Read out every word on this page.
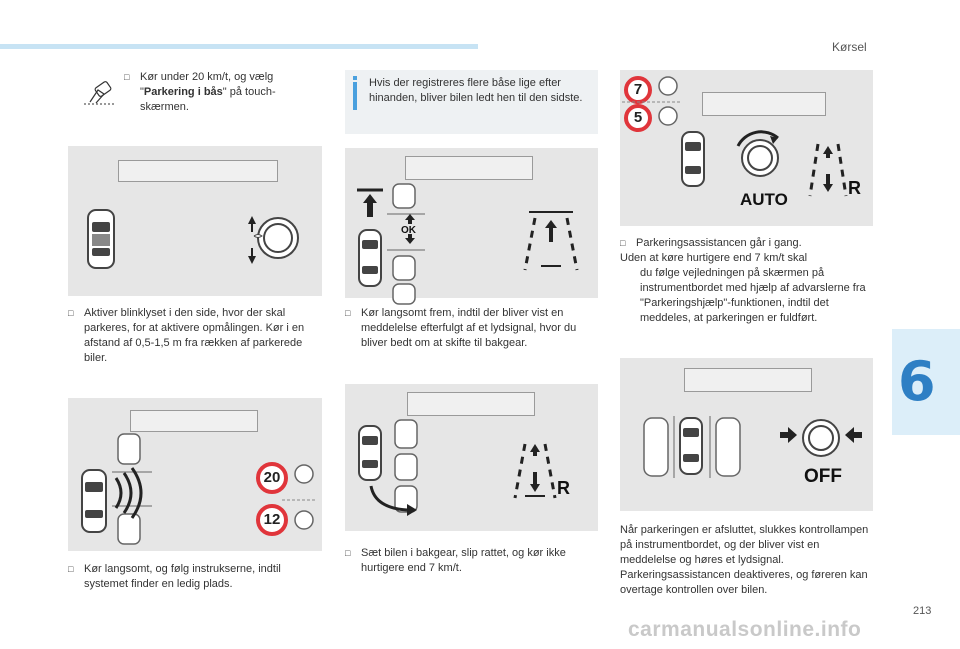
Kørsel
6
213
□ Kør under 20 km/t, og vælg
"Parkering i bås" på touch-
skærmen.
□ Aktiver blinklyset i den side, hvor der skal parkeres, for at aktivere opmålingen. Kør i en afstand af 0,5-1,5 m fra rækken af parkerede biler.
20
12
□ Kør langsomt, og følg instrukserne, indtil systemet finder en ledig plads.
Hvis der registreres flere båse lige efter hinanden, bliver bilen ledt hen til den sidste.
OK
□ Kør langsomt frem, indtil der bliver vist en meddelelse efterfulgt af et lydsignal, hvor du bliver bedt om at skifte til bakgear.
R
□ Sæt bilen i bakgear, slip rattet, og kør ikke hurtigere end 7 km/t.
7
5
AUTO
R
□ Parkeringsassistancen går i gang.
Uden at køre hurtigere end 7 km/t skal
du følge vejledningen på skærmen på instrumentbordet med hjælp af advarslerne fra "Parkeringshjælp"-funktionen, indtil det meddeles, at parkeringen er fuldført.
OFF
Når parkeringen er afsluttet, slukkes kontrollampen på instrumentbordet, og der bliver vist en meddelelse og høres et lydsignal. Parkeringsassistancen deaktiveres, og føreren kan overtage kontrollen over bilen.
carmanualsonline.info
